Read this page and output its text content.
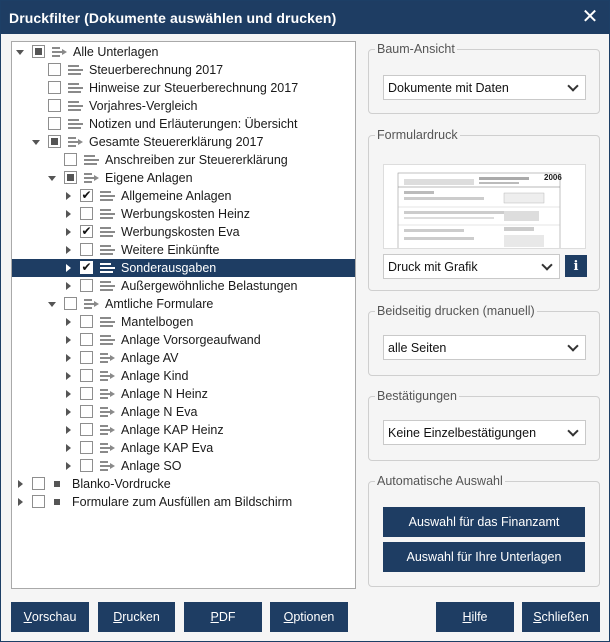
Druckfilter (Dokumente auswählen und drucken)	✕
Alle Unterlagen
Steuerberechnung 2017
Hinweise zur Steuerberechnung 2017
Vorjahres-Vergleich
Notizen und Erläuterungen: Übersicht
Gesamte Steuererklärung 2017
Anschreiben zur Steuererklärung
Eigene Anlagen
✔ Allgemeine Anlagen
Werbungskosten Heinz
✔ Werbungskosten Eva
Weitere Einkünfte
✔ Sonderausgaben
Außergewöhnliche Belastungen
Amtliche Formulare
Mantelbogen
Anlage Vorsorgeaufwand
Anlage AV
Anlage Kind
Anlage N Heinz
Anlage N Eva
Anlage KAP Heinz
Anlage KAP Eva
Anlage SO
Blanko-Vordrucke
Formulare zum Ausfüllen am Bildschirm
Baum-Ansicht
Dokumente mit Daten
Formulardruck
2006
Druck mit Grafik	i
Beidseitig drucken (manuell)
alle Seiten
Bestätigungen
Keine Einzelbestätigungen
Automatische Auswahl
Auswahl für das Finanzamt
Auswahl für Ihre Unterlagen
V orschau	D rucken	P DF	O ptionen	H ilfe	S chließen
